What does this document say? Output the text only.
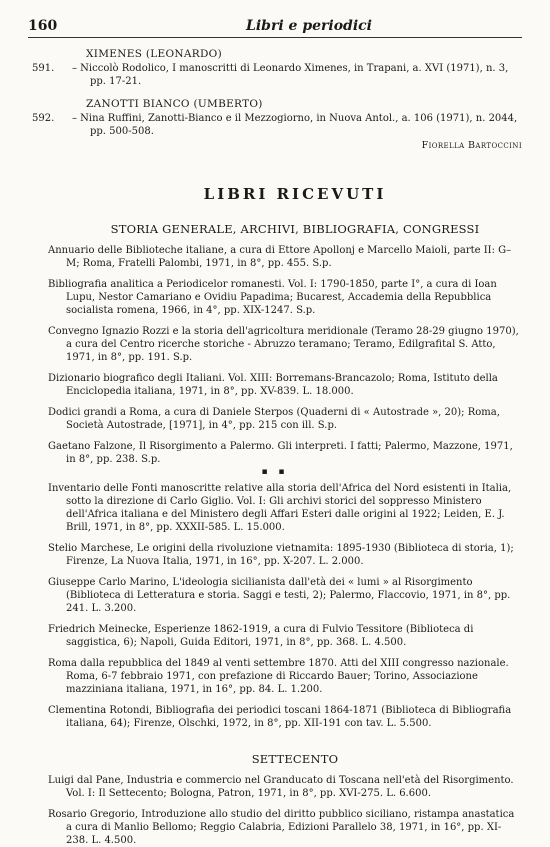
160	Libri e periodici
XIMENES (LEONARDO)
591.	– Niccolò Rodolico, I manoscritti di Leonardo Ximenes, in Trapani, a. XVI (1971), n. 3, pp. 17-21.
ZANOTTI BIANCO (UMBERTO)
592.	– Nina Ruffini, Zanotti-Bianco e il Mezzogiorno, in Nuova Antol., a. 106 (1971), n. 2044, pp. 500-508.
Fiorella Bartoccini
LIBRI RICEVUTI
STORIA GENERALE, ARCHIVI, BIBLIOGRAFIA, CONGRESSI
Annuario delle Biblioteche italiane, a cura di Ettore Apollonj e Marcello Maioli, parte II: G–M; Roma, Fratelli Palombi, 1971, in 8°, pp. 455. S.p.
Bibliografia analitica a Periodicelor romanesti. Vol. I: 1790-1850, parte I°, a cura di Ioan Lupu, Nestor Camariano e Ovidiu Papadima; Bucarest, Accademia della Repubblica socialista romena, 1966, in 4°, pp. XIX-1247. S.p.
Convegno Ignazio Rozzi e la storia dell'agricoltura meridionale (Teramo 28-29 giugno 1970), a cura del Centro ricerche storiche - Abruzzo teramano; Teramo, Edilgrafital S. Atto, 1971, in 8°, pp. 191. S.p.
Dizionario biografico degli Italiani. Vol. XIII: Borremans-Brancazolo; Roma, Istituto della Enciclopedia italiana, 1971, in 8°, pp. XV-839. L. 18.000.
Dodici grandi a Roma, a cura di Daniele Sterpos (Quaderni di « Autostrade », 20); Roma, Società Autostrade, [1971], in 4°, pp. 215 con ill. S.p.
Gaetano Falzone, Il Risorgimento a Palermo. Gli interpreti. I fatti; Palermo, Mazzone, 1971, in 8°, pp. 238. S.p.
▪ ▪
Inventario delle Fonti manoscritte relative alla storia dell'Africa del Nord esistenti in Italia, sotto la direzione di Carlo Giglio. Vol. I: Gli archivi storici del soppresso Ministero dell'Africa italiana e del Ministero degli Affari Esteri dalle origini al 1922; Leiden, E. J. Brill, 1971, in 8°, pp. XXXII-585. L. 15.000.
Stelio Marchese, Le origini della rivoluzione vietnamita: 1895-1930 (Biblioteca di storia, 1); Firenze, La Nuova Italia, 1971, in 16°, pp. X-207. L. 2.000.
Giuseppe Carlo Marino, L'ideologia sicilianista dall'età dei « lumi » al Risorgimento (Biblioteca di Letteratura e storia. Saggi e testi, 2); Palermo, Flaccovio, 1971, in 8°, pp. 241. L. 3.200.
Friedrich Meinecke, Esperienze 1862-1919, a cura di Fulvio Tessitore (Biblioteca di saggistica, 6); Napoli, Guida Editori, 1971, in 8°, pp. 368. L. 4.500.
Roma dalla repubblica del 1849 al venti settembre 1870. Atti del XIII congresso nazionale. Roma, 6-7 febbraio 1971, con prefazione di Riccardo Bauer; Torino, Associazione mazziniana italiana, 1971, in 16°, pp. 84. L. 1.200.
Clementina Rotondi, Bibliografia dei periodici toscani 1864-1871 (Biblioteca di Bibliografia italiana, 64); Firenze, Olschki, 1972, in 8°, pp. XII-191 con tav. L. 5.500.
SETTECENTO
Luigi dal Pane, Industria e commercio nel Granducato di Toscana nell'età del Risorgimento. Vol. I: Il Settecento; Bologna, Patron, 1971, in 8°, pp. XVI-275. L. 6.600.
Rosario Gregorio, Introduzione allo studio del diritto pubblico siciliano, ristampa anastatica a cura di Manlio Bellomo; Reggio Calabria, Edizioni Parallelo 38, 1971, in 16°, pp. XI-238. L. 4.500.
